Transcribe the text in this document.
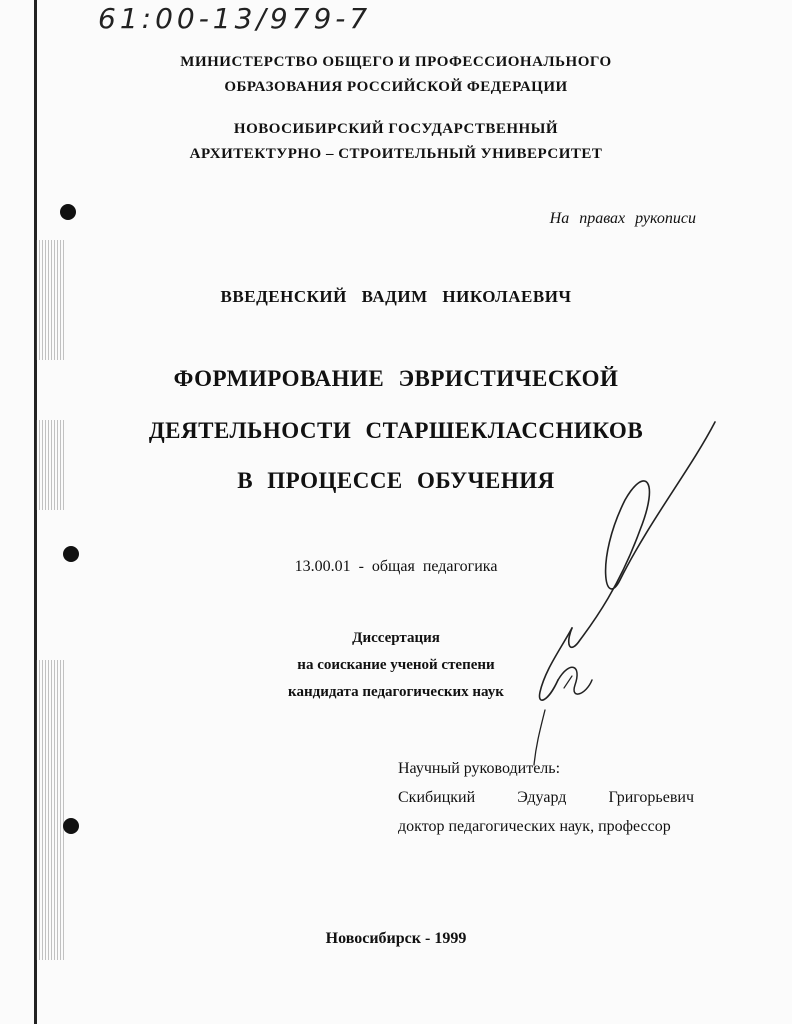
61:00-13/979-7
МИНИСТЕРСТВО ОБЩЕГО И ПРОФЕССИОНАЛЬНОГО
ОБРАЗОВАНИЯ РОССИЙСКОЙ ФЕДЕРАЦИИ
НОВОСИБИРСКИЙ ГОСУДАРСТВЕННЫЙ
АРХИТЕКТУРНО – СТРОИТЕЛЬНЫЙ УНИВЕРСИТЕТ
На правах рукописи
ВВЕДЕНСКИЙ ВАДИМ НИКОЛАЕВИЧ
ФОРМИРОВАНИЕ ЭВРИСТИЧЕСКОЙ
ДЕЯТЕЛЬНОСТИ СТАРШЕКЛАССНИКОВ
В ПРОЦЕССЕ ОБУЧЕНИЯ
13.00.01 - общая педагогика
Диссертация
на соискание ученой степени
кандидата педагогических наук
Научный руководитель:
Скибицкий	Эдуард	Григорьевич
доктор педагогических наук, профессор
Новосибирск - 1999
